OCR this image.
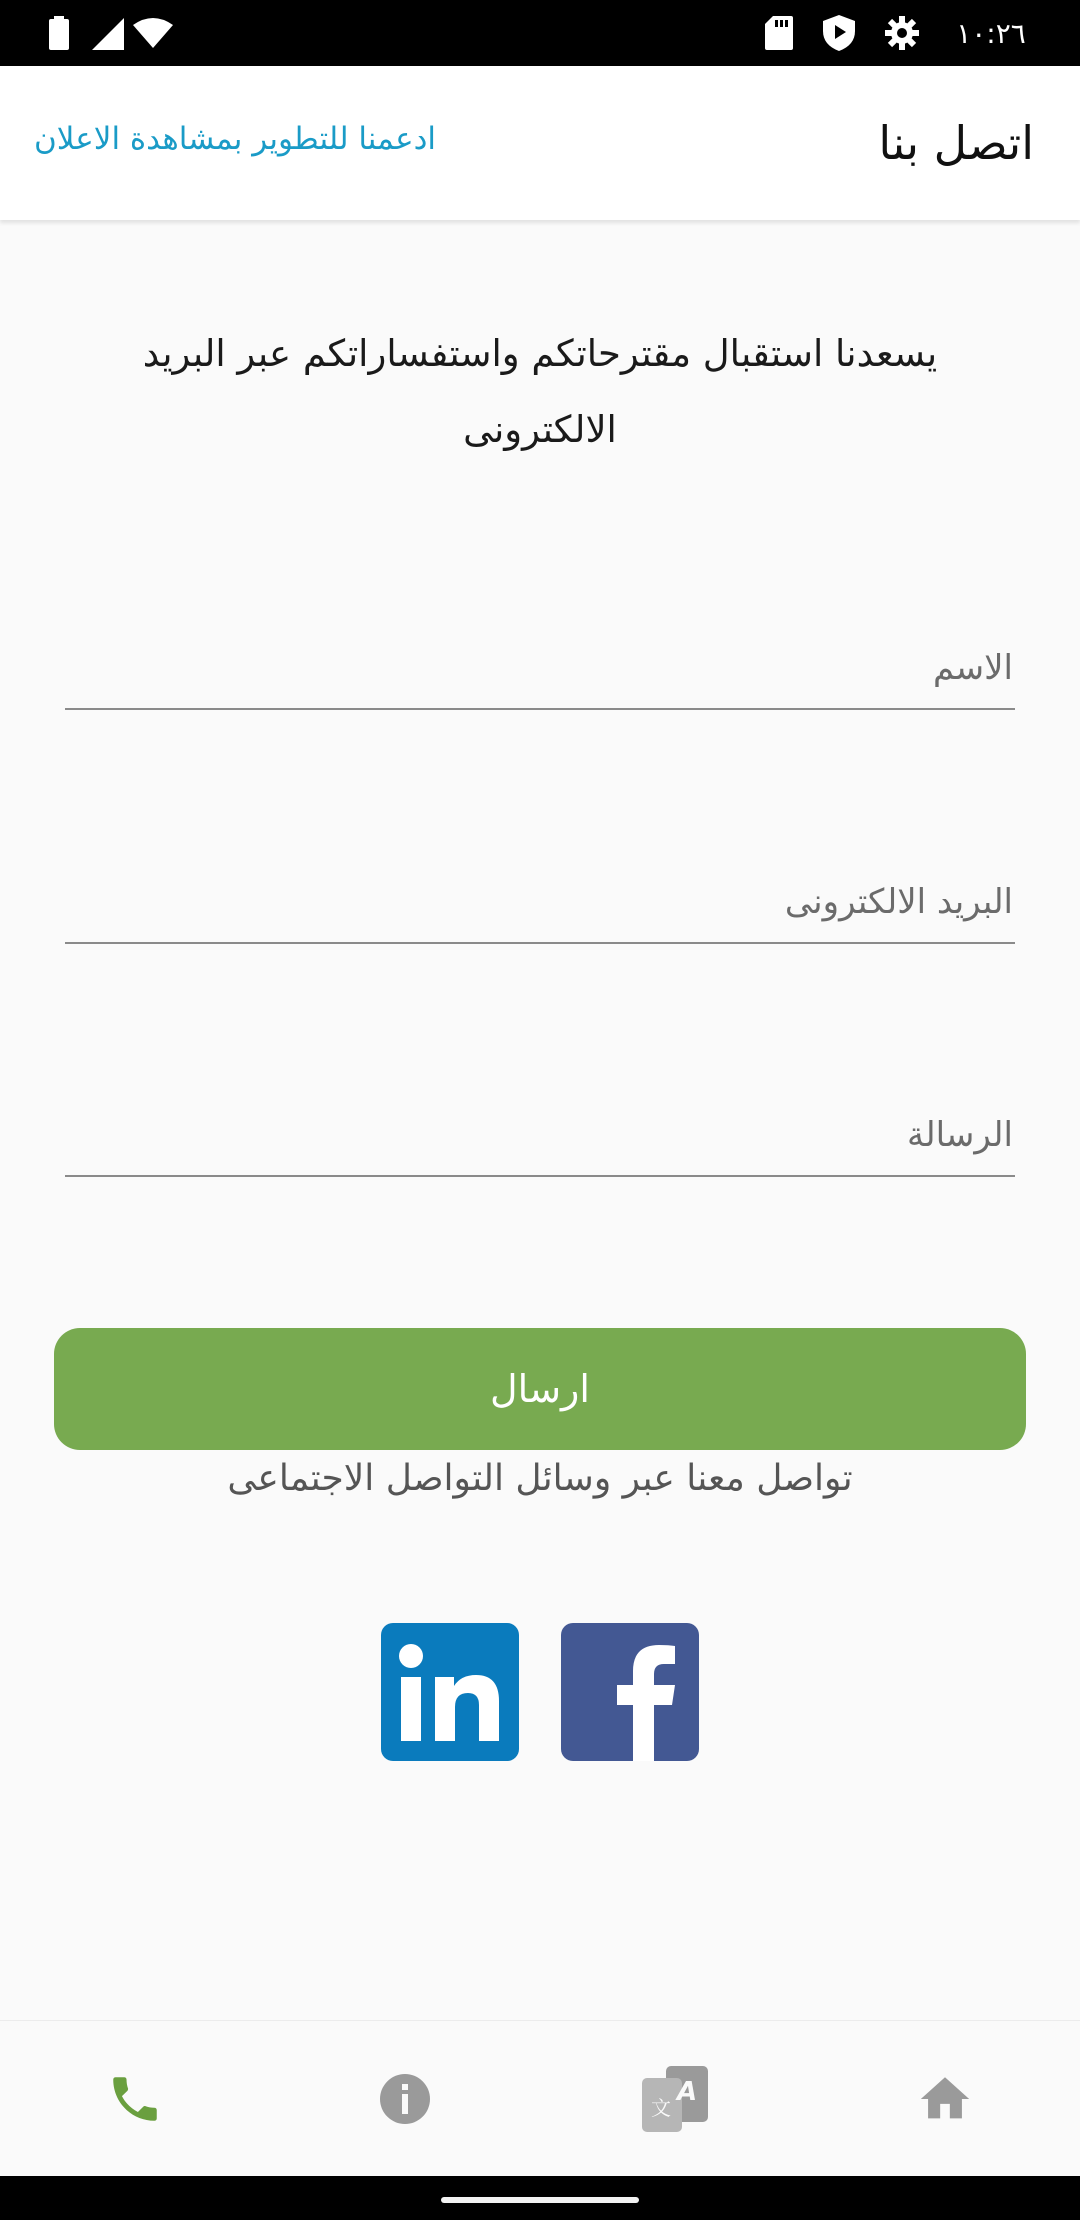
١٠:٢٦
اتصل بنا
ادعمنا للتطوير بمشاهدة الاعلان
يسعدنا استقبال مقترحاتكم واستفساراتكم عبر البريد الالكترونى
الاسم
البريد الالكترونى
الرسالة
ارسال
تواصل معنا عبر وسائل التواصل الاجتماعى
A
文
